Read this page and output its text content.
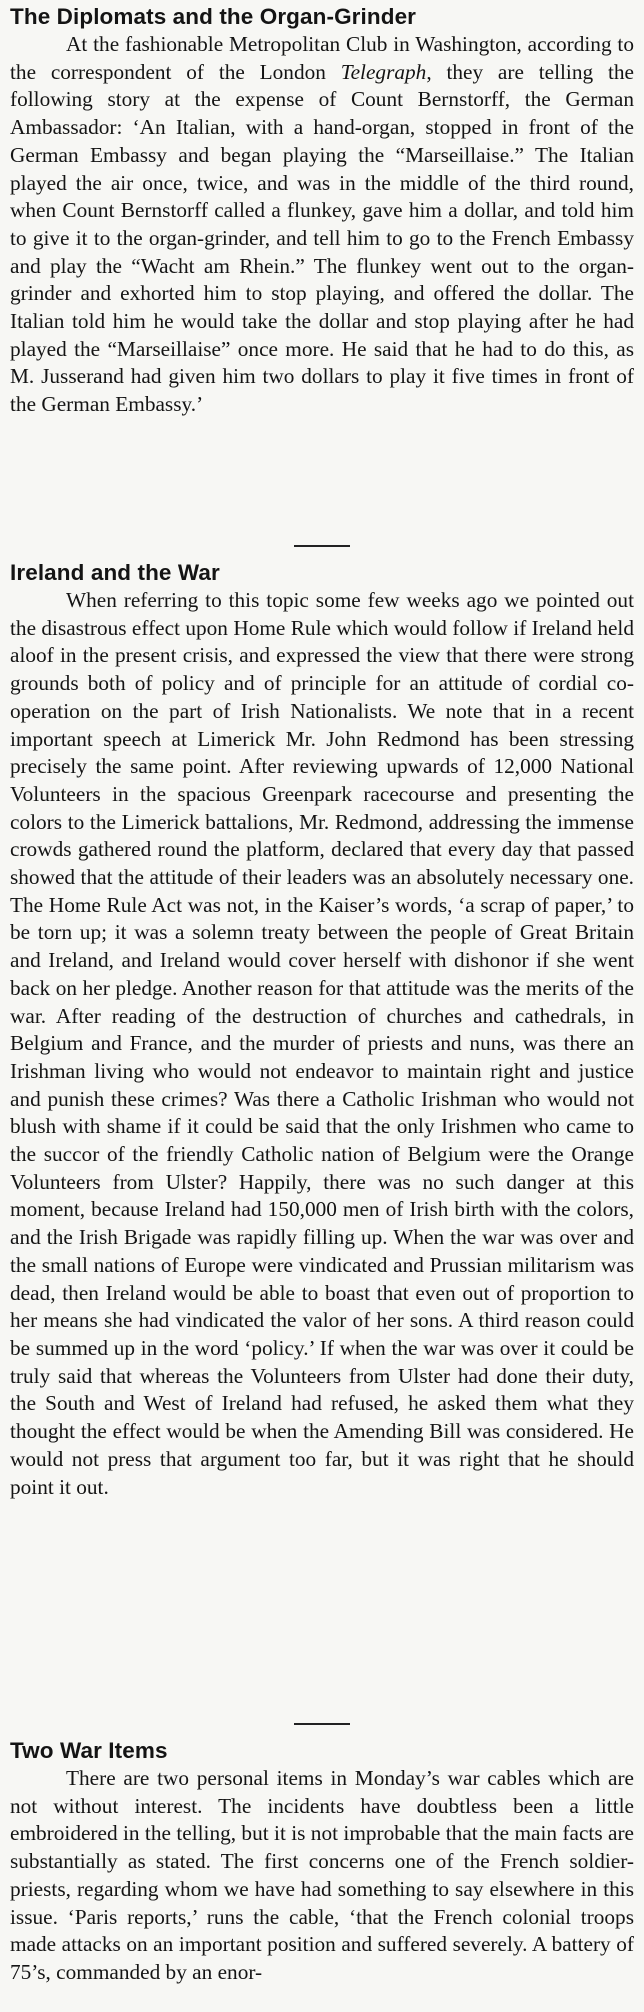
The Diplomats and the Organ-Grinder

At the fashionable Metropolitan Club in Washington, according to the correspondent of the London Telegraph, they are telling the following story at the expense of Count Bernstorff, the German Ambassador: ‘An Italian, with a hand-organ, stopped in front of the German Embassy and began playing the “Marseillaise.” The Italian played the air once, twice, and was in the middle of the third round, when Count Bernstorff called a flunkey, gave him a dollar, and told him to give it to the organ-grinder, and tell him to go to the French Embassy and play the “Wacht am Rhein.” The flunkey went out to the organ-grinder and exhorted him to stop playing, and offered the dollar. The Italian told him he would take the dollar and stop playing after he had played the “Marseillaise” once more. He said that he had to do this, as M. Jusserand had given him two dollars to play it five times in front of the German Embassy.’

Ireland and the War

When referring to this topic some few weeks ago we pointed out the disastrous effect upon Home Rule which would follow if Ireland held aloof in the present crisis, and expressed the view that there were strong grounds both of policy and of principle for an attitude of cordial co-operation on the part of Irish Nationalists. We note that in a recent important speech at Limerick Mr. John Redmond has been stressing precisely the same point. After reviewing upwards of 12,000 National Volunteers in the spacious Greenpark racecourse and presenting the colors to the Limerick battalions, Mr. Redmond, addressing the immense crowds gathered round the platform, declared that every day that passed showed that the attitude of their leaders was an absolutely necessary one. The Home Rule Act was not, in the Kaiser’s words, ‘a scrap of paper,’ to be torn up; it was a solemn treaty between the people of Great Britain and Ireland, and Ireland would cover herself with dishonor if she went back on her pledge. Another reason for that attitude was the merits of the war. After reading of the destruction of churches and cathedrals, in Belgium and France, and the murder of priests and nuns, was there an Irishman living who would not endeavor to maintain right and justice and punish these crimes? Was there a Catholic Irishman who would not blush with shame if it could be said that the only Irishmen who came to the succor of the friendly Catholic nation of Belgium were the Orange Volunteers from Ulster? Happily, there was no such danger at this moment, because Ireland had 150,000 men of Irish birth with the colors, and the Irish Brigade was rapidly filling up. When the war was over and the small nations of Europe were vindicated and Prussian militarism was dead, then Ireland would be able to boast that even out of proportion to her means she had vindicated the valor of her sons. A third reason could be summed up in the word ‘policy.’ If when the war was over it could be truly said that whereas the Volunteers from Ulster had done their duty, the South and West of Ireland had refused, he asked them what they thought the effect would be when the Amending Bill was considered. He would not press that argument too far, but it was right that he should point it out.

Two War Items

There are two personal items in Monday’s war cables which are not without interest. The incidents have doubtless been a little embroidered in the telling, but it is not improbable that the main facts are substantially as stated. The first concerns one of the French soldier-priests, regarding whom we have had something to say elsewhere in this issue. ‘Paris reports,’ runs the cable, ‘that the French colonial troops made attacks on an important position and suffered severely. A battery of 75’s, commanded by an enor-
